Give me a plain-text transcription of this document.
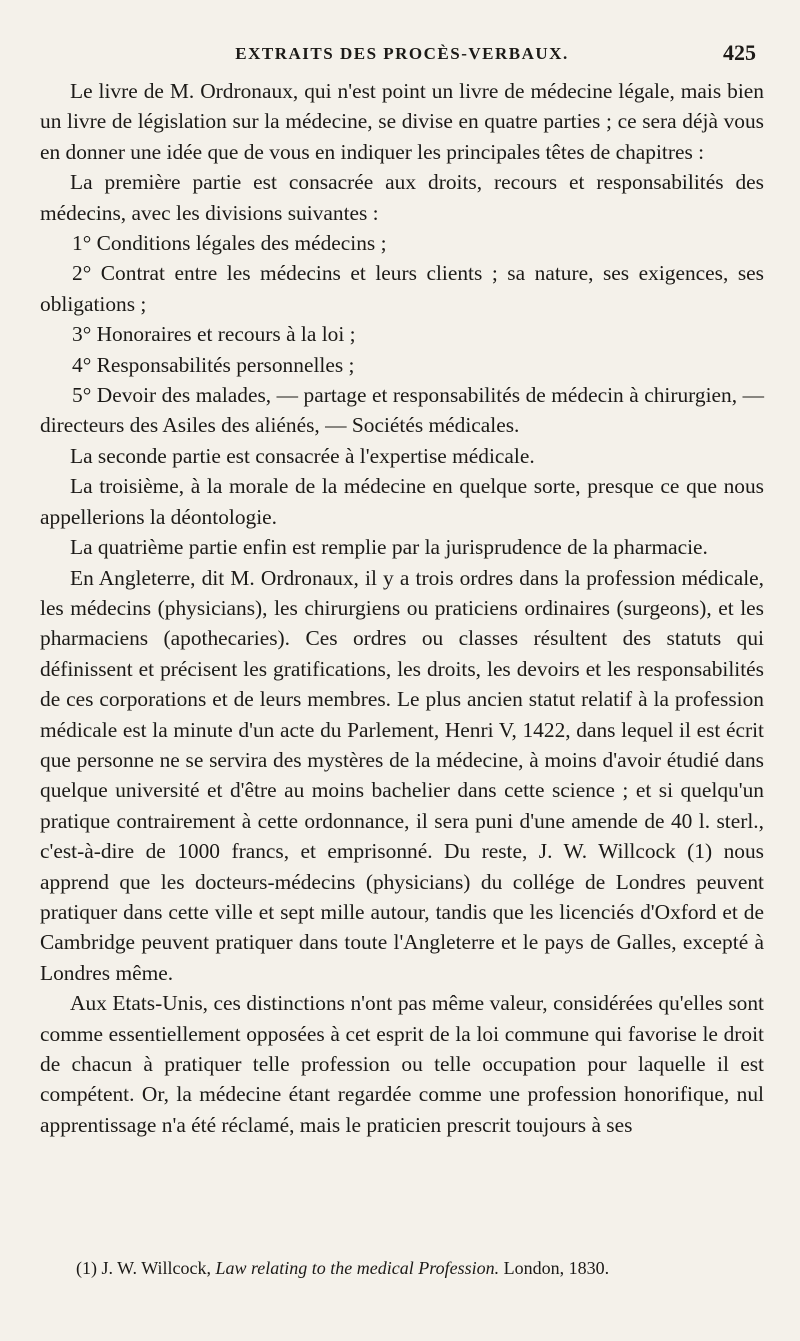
EXTRAITS DES PROCÈS-VERBAUX.	425

Le livre de M. Ordronaux, qui n'est point un livre de médecine légale, mais bien un livre de législation sur la médecine, se divise en quatre parties ; ce sera déjà vous en donner une idée que de vous en indiquer les principales têtes de chapitres :

La première partie est consacrée aux droits, recours et responsabilités des médecins, avec les divisions suivantes :

1° Conditions légales des médecins ;

2° Contrat entre les médecins et leurs clients ; sa nature, ses exigences, ses obligations ;

3° Honoraires et recours à la loi ;

4° Responsabilités personnelles ;

5° Devoir des malades, — partage et responsabilités de médecin à chirurgien, — directeurs des Asiles des aliénés, — Sociétés médicales.

La seconde partie est consacrée à l'expertise médicale.

La troisième, à la morale de la médecine en quelque sorte, presque ce que nous appellerions la déontologie.

La quatrième partie enfin est remplie par la jurisprudence de la pharmacie.

En Angleterre, dit M. Ordronaux, il y a trois ordres dans la profession médicale, les médecins (physicians), les chirurgiens ou praticiens ordinaires (surgeons), et les pharmaciens (apothecaries). Ces ordres ou classes résultent des statuts qui définissent et précisent les gratifications, les droits, les devoirs et les responsabilités de ces corporations et de leurs membres. Le plus ancien statut relatif à la profession médicale est la minute d'un acte du Parlement, Henri V, 1422, dans lequel il est écrit que personne ne se servira des mystères de la médecine, à moins d'avoir étudié dans quelque université et d'être au moins bachelier dans cette science ; et si quelqu'un pratique contrairement à cette ordonnance, il sera puni d'une amende de 40 l. sterl., c'est-à-dire de 1000 francs, et emprisonné. Du reste, J. W. Willcock (1) nous apprend que les docteurs-médecins (physicians) du collége de Londres peuvent pratiquer dans cette ville et sept mille autour, tandis que les licenciés d'Oxford et de Cambridge peuvent pratiquer dans toute l'Angleterre et le pays de Galles, excepté à Londres même.

Aux Etats-Unis, ces distinctions n'ont pas même valeur, considérées qu'elles sont comme essentiellement opposées à cet esprit de la loi commune qui favorise le droit de chacun à pratiquer telle profession ou telle occupation pour laquelle il est compétent. Or, la médecine étant regardée comme une profession honorifique, nul apprentissage n'a été réclamé, mais le praticien prescrit toujours à ses

(1) J. W. Willcock, Law relating to the medical Profession. London, 1830.
